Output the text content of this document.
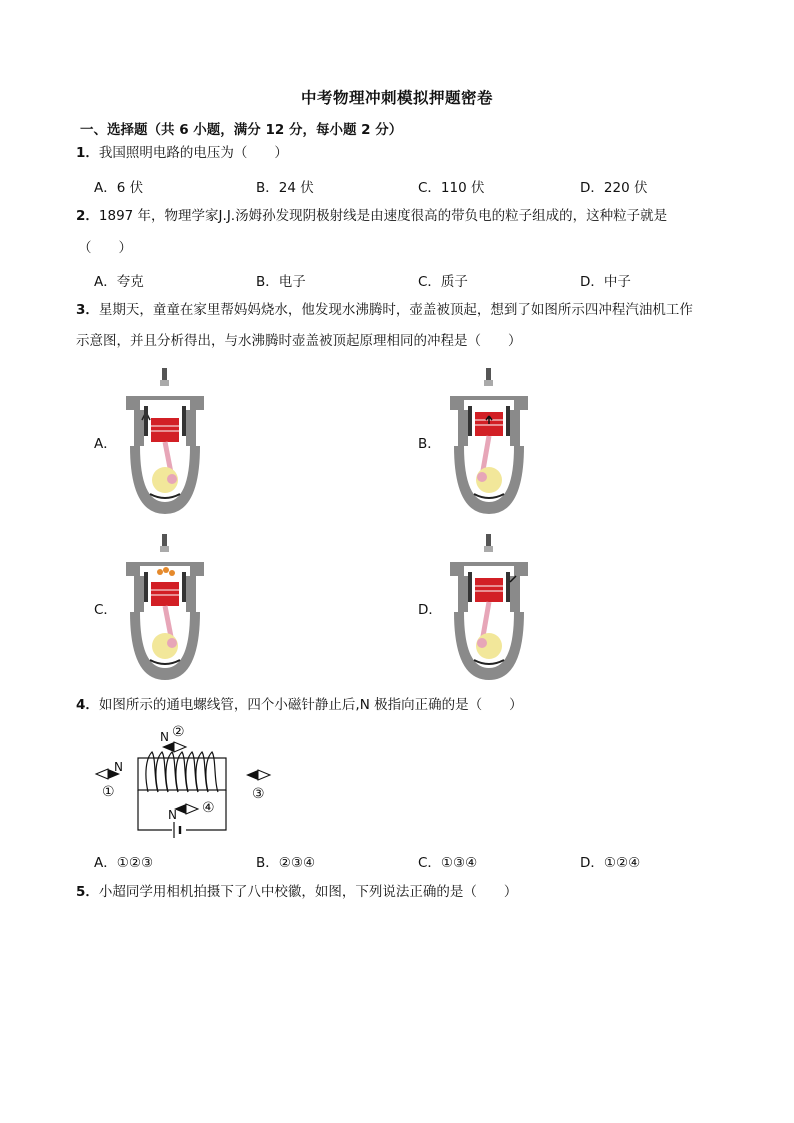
中考物理冲刺模拟押题密卷
一、选择题（共 6 小题，满分 12 分，每小题 2 分）
1．我国照明电路的电压为（　　）
A．6 伏	B．24 伏	C．110 伏	D．220 伏
2．1897 年，物理学家J.J.汤姆孙发现阴极射线是由速度很高的带负电的粒子组成的，这种粒子就是
（　　）
A．夸克	B．电子	C．质子	D．中子
3．星期天，童童在家里帮妈妈烧水，他发现水沸腾时，壶盖被顶起，想到了如图所示四冲程汽油机工作
示意图，并且分析得出，与水沸腾时壶盖被顶起原理相同的冲程是（　　）
A．	B．
C．	D．
4．如图所示的通电螺线管，四个小磁针静止后,N 极指向正确的是（　　）
N
N
N
①
②
③
④
A．①②③	B．②③④	C．①③④	D．①②④
5．小超同学用相机拍摄下了八中校徽，如图，下列说法正确的是（　　）
